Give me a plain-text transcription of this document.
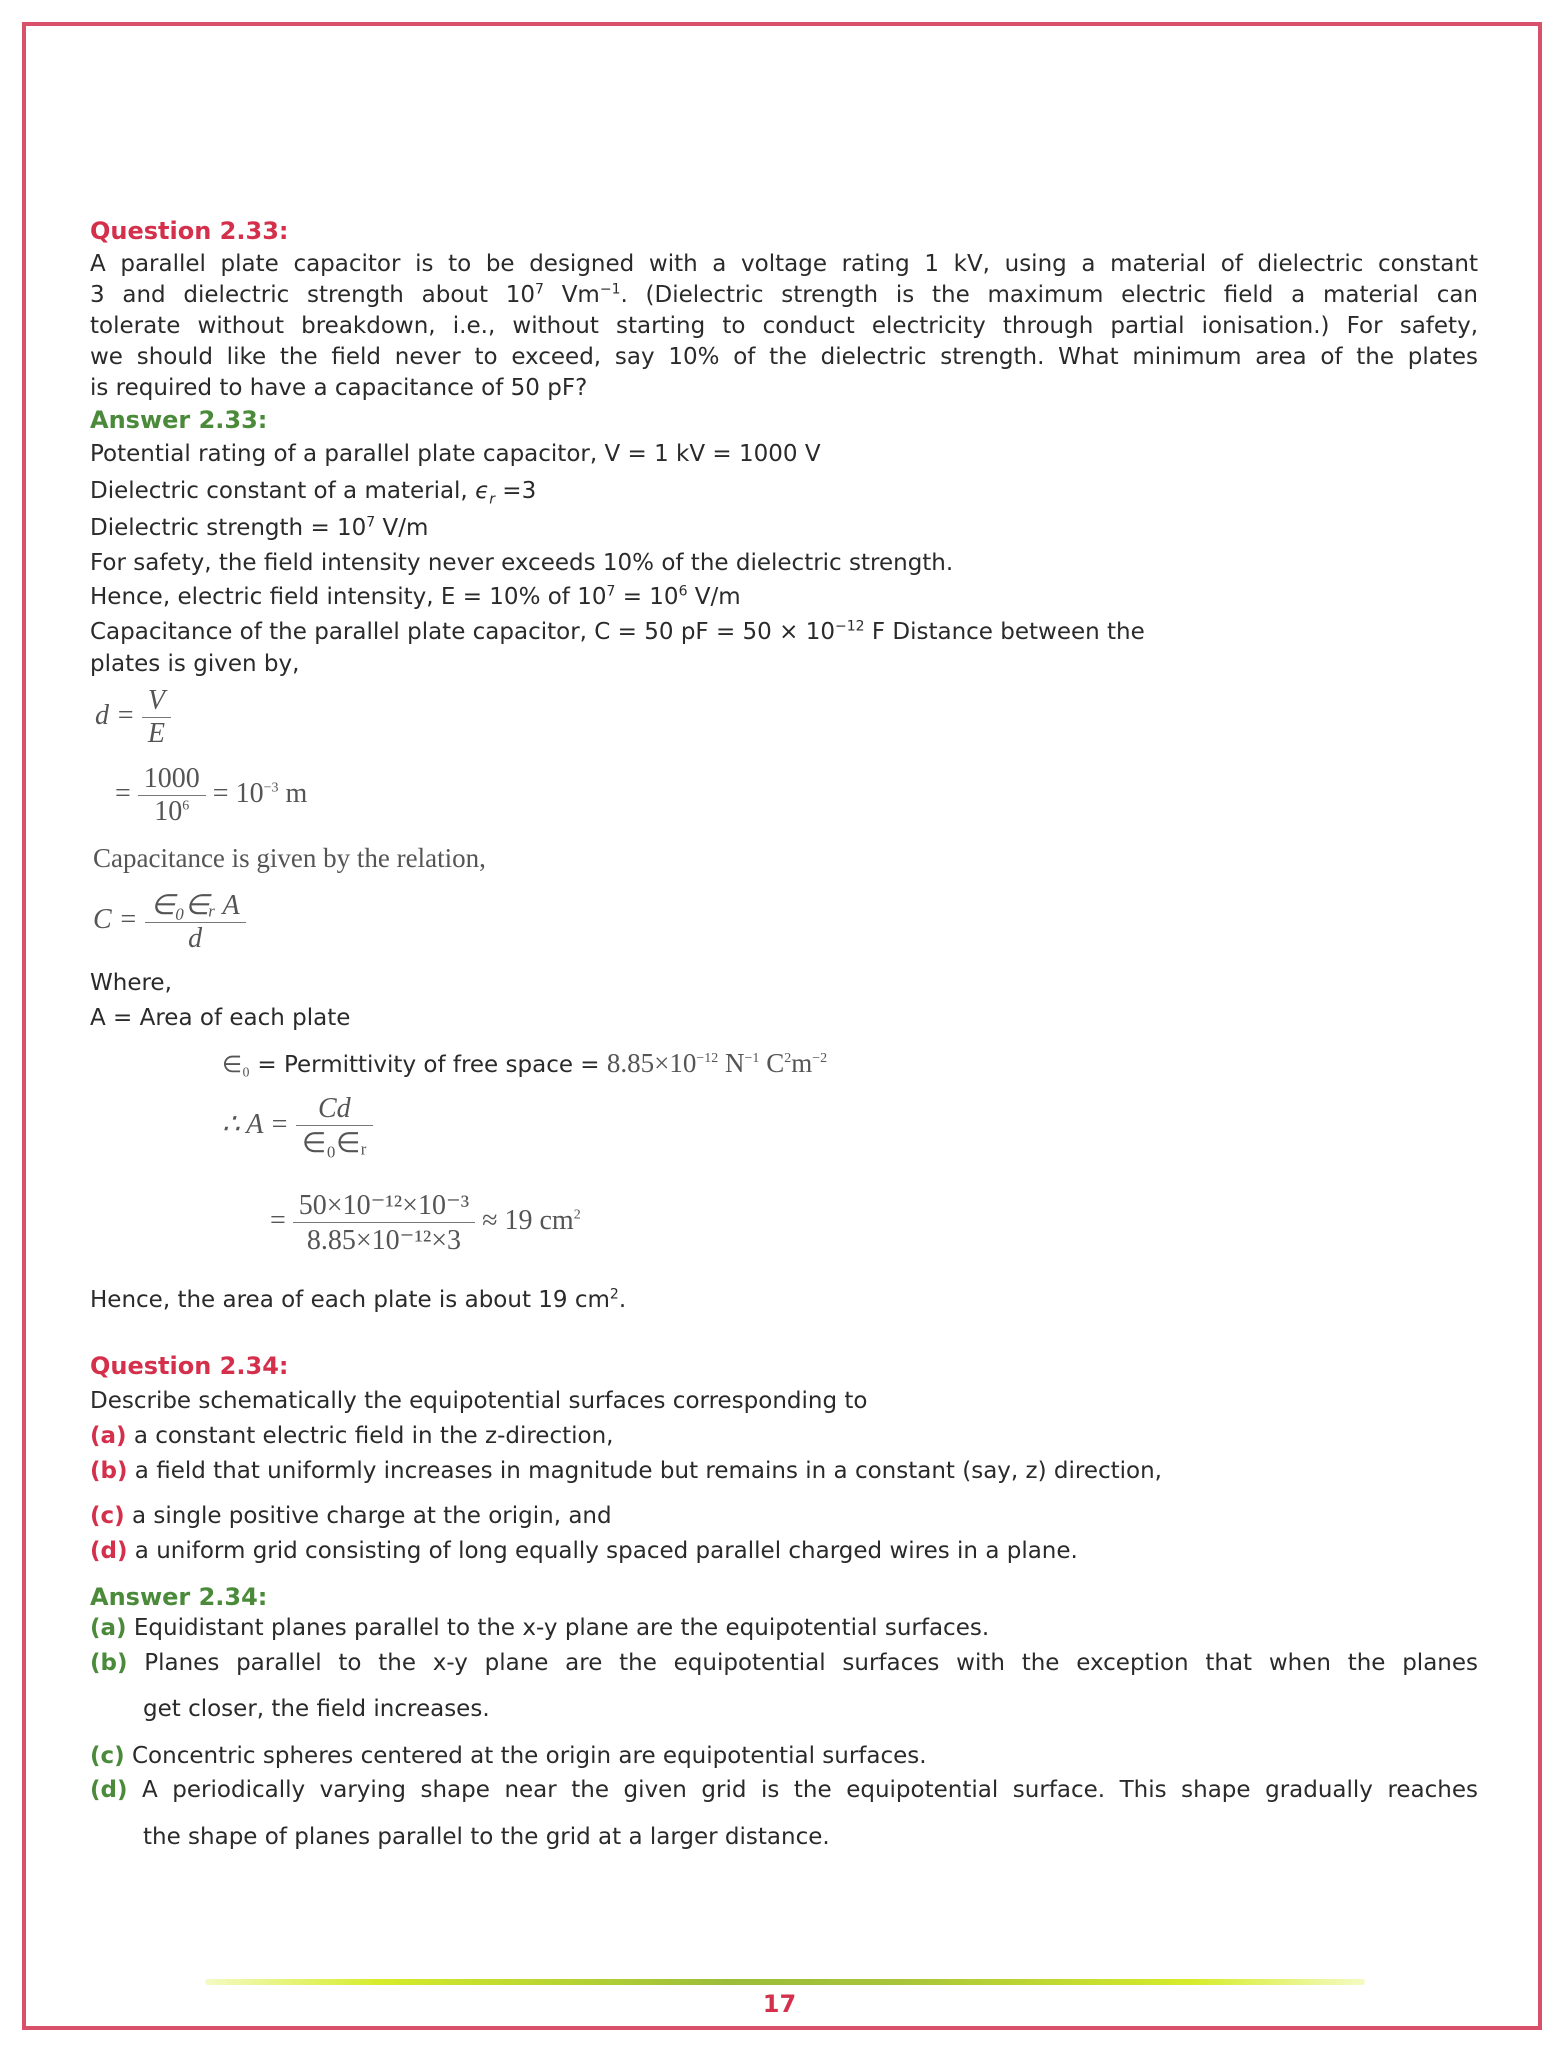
Question 2.33:
A parallel plate capacitor is to be designed with a voltage rating 1 kV, using a material of dielectric constant
3 and dielectric strength about $10^7$ $Vm^{-1}$. (Dielectric strength is the maximum electric field a material can
tolerate without breakdown, i.e., without starting to conduct electricity through partial ionisation.) For safety,
we should like the field never to exceed, say 10% of the dielectric strength. What minimum area of the plates
is required to have a capacitance of 50 pF?
Answer 2.33:
Potential rating of a parallel plate capacitor, V = 1 kV = 1000 V
Dielectric constant of a material, $\epsilon_r =3$
Dielectric strength = $10^7$ V/m
For safety, the field intensity never exceeds 10% of the dielectric strength.
Hence, electric field intensity, E = 10% of $10^7 = 10^6$ V/m
Capacitance of the parallel plate capacitor, C = 50 pF = $50 \times 10^{-12}$ F Distance between the
plates is given by,
$d = \frac{V}{E}$
= $\frac{1000}{10^6} = 10^{-3}$ m
Capacitance is given by the relation,
$C = \frac{\text{∈₀∈ᵣ A}}{d}$
Where,
A = Area of each plate
∈₀ = Permittivity of free space = $8.85\times 10^{-12}$ $N^{-1}$ $C^2m^{-2}$
∴ $A = \frac{Cd}{\text{∈₀∈ᵣ}}$
= $\frac{\text{50×10⁻¹²×10⁻³}}{\text{8.85×10⁻¹²×3}} \approx 19$ $cm^2$
Hence, the area of each plate is about 19 $cm^2$.
Question 2.34:
Describe schematically the equipotential surfaces corresponding to
(a) a constant electric field in the z-direction,
(b) a field that uniformly increases in magnitude but remains in a constant (say, z) direction,
(c) a single positive charge at the origin, and
(d) a uniform grid consisting of long equally spaced parallel charged wires in a plane.
Answer 2.34:
(a) Equidistant planes parallel to the x-y plane are the equipotential surfaces.
(b) Planes parallel to the x-y plane are the equipotential surfaces with the exception that when the planes
get closer, the field increases.
(c) Concentric spheres centered at the origin are equipotential surfaces.
(d) A periodically varying shape near the given grid is the equipotential surface. This shape gradually reaches
the shape of planes parallel to the grid at a larger distance.
17
